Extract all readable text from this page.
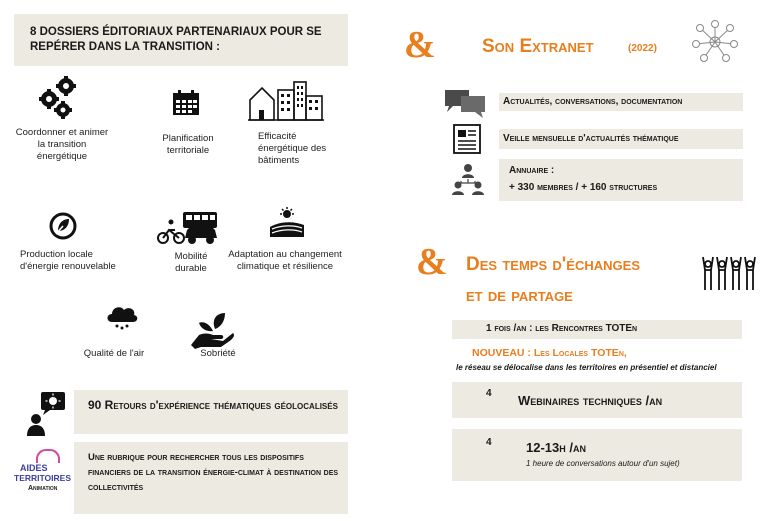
8 DOSSIERS ÉDITORIAUX PARTENARIAUX POUR SE REPÉRER DANS LA TRANSITION :
Coordonner et animer la transition énergétique
Planification territoriale
Efficacité énergétique des bâtiments
Production locale d'énergie renouvelable
Mobilité durable
Adaptation au changement climatique et résilience
Qualité de l'air	Sobriété
90 Retours d'expérience thématiques géolocalisés
AIDES
TERRITOIRES
Animation
Une rubrique pour rechercher tous les dispositifs financiers de la transition énergie-climat à destination des collectivités
& Son Extranet	(2022)
Actualités, conversations, documentation
Veille mensuelle d'actualités thématique
Annuaire :
+ 330 membres / + 160 structures
& Des temps d'échanges
et de partage
1 fois /an : les Rencontres TOTEn
NOUVEAU : Les Locales TOTEn,
le réseau se délocalise dans les territoires en présentiel et distanciel
4 Webinaires techniques /an
4	12-13h /an
1 heure de conversations autour d'un sujet)
